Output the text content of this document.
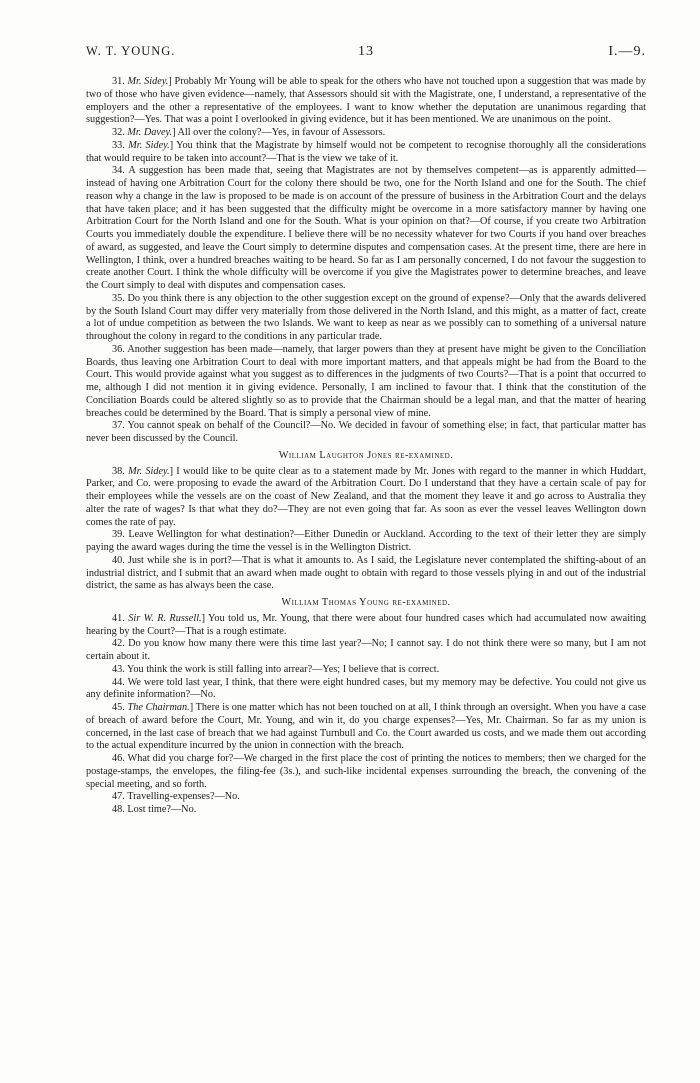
W. T. YOUNG.	13	I.—9.

31. Mr. Sidey.] Probably Mr Young will be able to speak for the others who have not touched upon a suggestion that was made by two of those who have given evidence—namely, that Assessors should sit with the Magistrate, one, I understand, a representative of the employers and the other a representative of the employees. I want to know whether the deputation are unanimous regarding that suggestion?—Yes. That was a point I overlooked in giving evidence, but it has been mentioned. We are unanimous on the point.

32. Mr. Davey.] All over the colony?—Yes, in favour of Assessors.

33. Mr. Sidey.] You think that the Magistrate by himself would not be competent to recognise thoroughly all the considerations that would require to be taken into account?—That is the view we take of it.

34. A suggestion has been made that, seeing that Magistrates are not by themselves competent—as is apparently admitted—instead of having one Arbitration Court for the colony there should be two, one for the North Island and one for the South. The chief reason why a change in the law is proposed to be made is on account of the pressure of business in the Arbitration Court and the delays that have taken place; and it has been suggested that the difficulty might be overcome in a more satisfactory manner by having one Arbitration Court for the North Island and one for the South. What is your opinion on that?—Of course, if you create two Arbitration Courts you immediately double the expenditure. I believe there will be no necessity whatever for two Courts if you hand over breaches of award, as suggested, and leave the Court simply to determine disputes and compensation cases. At the present time, there are here in Wellington, I think, over a hundred breaches waiting to be heard. So far as I am personally concerned, I do not favour the suggestion to create another Court. I think the whole difficulty will be overcome if you give the Magistrates power to determine breaches, and leave the Court simply to deal with disputes and compensation cases.

35. Do you think there is any objection to the other suggestion except on the ground of expense?—Only that the awards delivered by the South Island Court may differ very materially from those delivered in the North Island, and this might, as a matter of fact, create a lot of undue competition as between the two Islands. We want to keep as near as we possibly can to something of a universal nature throughout the colony in regard to the conditions in any particular trade.

36. Another suggestion has been made—namely, that larger powers than they at present have might be given to the Conciliation Boards, thus leaving one Arbitration Court to deal with more important matters, and that appeals might be had from the Board to the Court. This would provide against what you suggest as to differences in the judgments of two Courts?—That is a point that occurred to me, although I did not mention it in giving evidence. Personally, I am inclined to favour that. I think that the constitution of the Conciliation Boards could be altered slightly so as to provide that the Chairman should be a legal man, and that the matter of hearing breaches could be determined by the Board. That is simply a personal view of mine.

37. You cannot speak on behalf of the Council?—No. We decided in favour of something else; in fact, that particular matter has never been discussed by the Council.

William Laughton Jones re-examined.

38. Mr. Sidey.] I would like to be quite clear as to a statement made by Mr. Jones with regard to the manner in which Huddart, Parker, and Co. were proposing to evade the award of the Arbitration Court. Do I understand that they have a certain scale of pay for their employees while the vessels are on the coast of New Zealand, and that the moment they leave it and go across to Australia they alter the rate of wages? Is that what they do?—They are not even going that far. As soon as ever the vessel leaves Wellington down comes the rate of pay.

39. Leave Wellington for what destination?—Either Dunedin or Auckland. According to the text of their letter they are simply paying the award wages during the time the vessel is in the Wellington District.

40. Just while she is in port?—That is what it amounts to. As I said, the Legislature never contemplated the shifting-about of an industrial district, and I submit that an award when made ought to obtain with regard to those vessels plying in and out of the industrial district, the same as has always been the case.

William Thomas Young re-examined.

41. Sir W. R. Russell.] You told us, Mr. Young, that there were about four hundred cases which had accumulated now awaiting hearing by the Court?—That is a rough estimate.

42. Do you know how many there were this time last year?—No; I cannot say. I do not think there were so many, but I am not certain about it.

43. You think the work is still falling into arrear?—Yes; I believe that is correct.

44. We were told last year, I think, that there were eight hundred cases, but my memory may be defective. You could not give us any definite information?—No.

45. The Chairman.] There is one matter which has not been touched on at all, I think through an oversight. When you have a case of breach of award before the Court, Mr. Young, and win it, do you charge expenses?—Yes, Mr. Chairman. So far as my union is concerned, in the last case of breach that we had against Turnbull and Co. the Court awarded us costs, and we made them out according to the actual expenditure incurred by the union in connection with the breach.

46. What did you charge for?—We charged in the first place the cost of printing the notices to members; then we charged for the postage-stamps, the envelopes, the filing-fee (3s.), and such-like incidental expenses surrounding the breach, the convening of the special meeting, and so forth.

47. Travelling-expenses?—No.

48. Lost time?—No.
